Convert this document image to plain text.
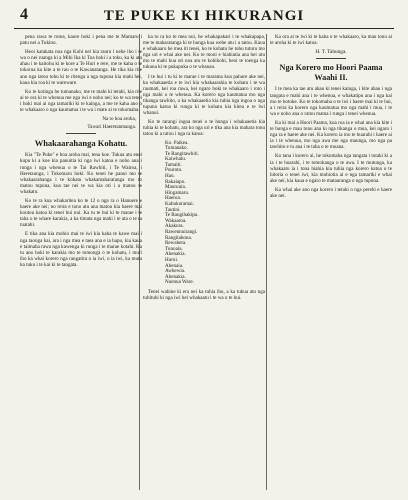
4	TE PUKE KI HIKURANGI

pena rawa te rorea, kaore hoki i pena me te Mamaru i patu nei a Tukino.

Heoi katakata noa nga Kohi nei kia rauru i nehe iho i te wa o nei ruanga ki a Mihi Ika ki Toa hoki i a toku, ka ki atu ahau i te kaitohu ki te kore a Te Huri e rere, me te kaha o te tokorua ka kite a te rau o te Kawanatanga. He tika kia rite ano nga tatou tohu ki te ritenga a nga tupuna kia mahi hei, kaua kia roa ki te wareware.

Ko te kotinga he tumanako, me te mahi ki tetahi, kia rite ai te ora ki te whenua me nga iwi e noho nei; ko te wa tenei i hoki mai ai nga tamariki ki te kainga, a me te kaha ano o te whakaaro o nga kaumatua i te wa i mate ai te tokomaha.

Na to hoa aroha,
Tawari Haeretanmanga.
Whakaarahanga Kohatu.

Kia "Te Puke" e hoa aroha mai, tena koe. Tukua atu enei kupu ki a koe kia panuitia ki nga iwi katoa e noho ana i runga i nga whenua o te Tai Rawhiti, i Te Wairoa, i Heretaunga, i Tokomaru hoki. Ko tenei he panui mo te whakaarahanga i te kohatu whakamaharatanga mo to matou tupuna, kua tae nei te wa kia oti i a matou te whakatu.

Ko te ra kua whakaritea ko te 12 o nga ra o Hanuere e haere ake nei; no reira e tono atu ana matou kia haere mai koutou katoa ki tenei hui nui. Ka tu te hui ki te marae i te taha o te whare karakia, a ka timata nga mahi i te ata o te ra tuatahi.

E tika ana kia mohio mai te iwi kia kaha te kawe mai i nga taonga kai, ara i nga mea e taea ana e ia hapu, kia kaua e taimaha rawa nga kawenga ki runga i te marae kotahi. Ka tu ano hoki te karakia mo te tomonga o te kohatu, i muri iho ka whai korero nga rangatira o ia iwi, o ia iwi, ka mutu ka tuku i te kai ki te tangata.

ka tu ra ko te mea nui, he whakapakari i te whakapapa, me te maharatanga ki te hunga kua wehe atu i a tatou. Kaua e whakaaro he mea iti tenei, ko te kohatu he tohu tuturu mo nga uri e whai ake nei. Ko te moni e hiahiatia ana hei utu mo te mahi kua oti noa atu te kohikohi, heoi te toenga ka tukuna ki te pukapuka o te whanau.

I te hui i tu ki te marae i te marama kua pahure ake nei, ka whakaaetia e te iwi kia whakaarahia te kohatu i te wa raumati, kei roa rawa, kei ngaro hoki te whakaaro i roto i nga mahi o te whenua. Ka korero nga kaumatua mo nga tikanga tawhito, a ka whakaaetia kia tuhia nga ingoa o nga tupuna katoa ki runga ki te kohatu kia kitea e te iwi whanui.

Ko te rarangi ingoa tenei o te hunga i whakaaetia kia tuhia ki te kohatu, ara ko nga uri e tika ana kia mahara tonu tatou ki a ratou i nga ra katoa:

Ko. Paikea.
Tumanako.
Te Rangitawhiti.
Kaiwhatu.
Tamaiti.
Pouroto.
Hau.
Rakaiapo.
Mauruuia.
Hingamaru.
Haeroa.
Kahukuramai.
Tautini.
Te Rangihakipu.
Wakaaroa.
Akakura.
Rawennuirangi.
Rangitahona.
Rewaheta.
Tunoaia.
Ahenakia.
Hurui.
Ahenaia.
Awhewia.
Ahenakia.
Nuenua Ware.

Tenei wahine ki era nei ka tuhia iho, a ka tukua atu nga tuhituhi ki nga iwi hei whakaatu i te wa o te hui.

Ka ora ai te iwi ki te kaha o te whakaaro, ka mau tonu ai te aroha ki te iwi katoa.

H. T. Tahunga.
Nga Korero mo Hoori Paama Waahi II.

I te mea ka tae atu ahau ki tenei kainga, i kite ahau i nga tangata e mahi ana i te whenua, e whakatipu ana i nga kai mo te hotoke. Ko te tokomaha o te iwi i haere mai ki te hui, a i reira ka korero nga kaumatua mo nga mahi i mua, i te wa e noho ana o ratou matua i runga i tenei whenua.

Ka ki mai a Hoori Paama, kua roa ia e whai ana kia kite i te hunga e mau tonu ana ki nga tikanga o mua, kei ngaro i nga ra e haere ake nei. Ka korero ia mo te huarahi i haere ai ia i te whenua, mo nga awa me nga maunga, mo nga pa tawhito e tu ana i te taha o te moana.

Ko tana i korero ai, he tokomaha nga tangata i tutaki ki a ia i te huarahi, i te tomokanga o te awa. I te mutunga, ka whakaatu ia i tona hiahia kia tuhia nga korero katoa o te hitoria o tenei iwi, kia mohiotia ai e nga tamariki e whai ake nei, kia kaua e ngaro te matauranga o nga tupuna.

Ka whai ake ano nga korero i tetahi o nga perehi e haere ake nei.
